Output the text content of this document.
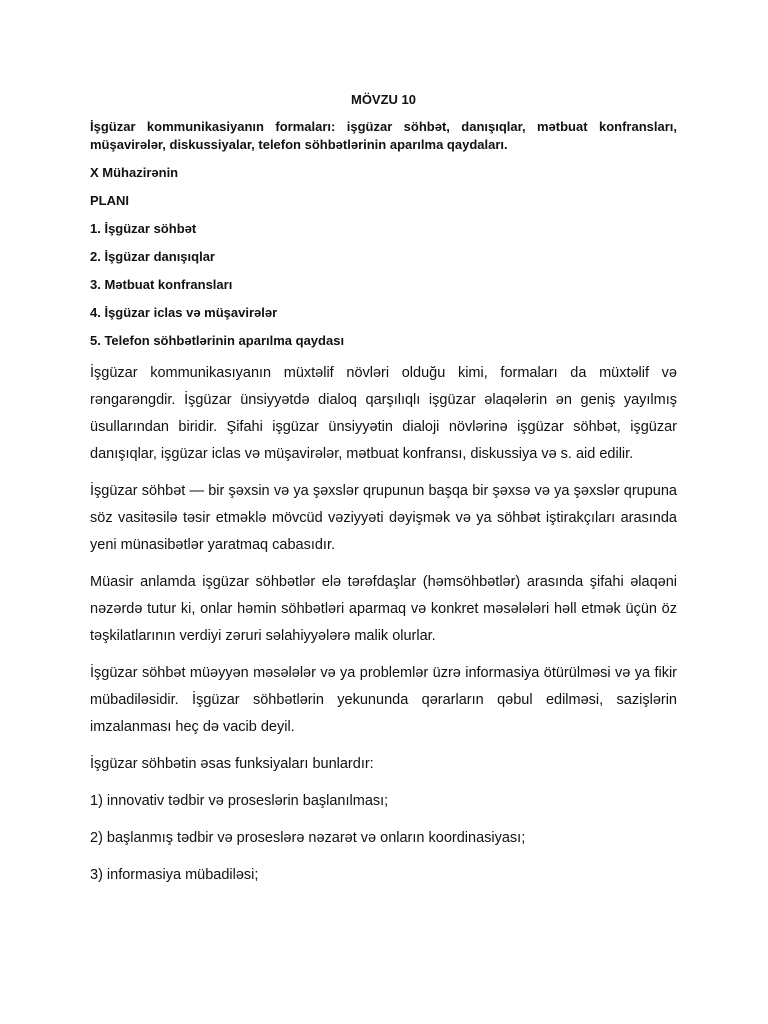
MÖVZU 10
İşgüzar kommunikasiyanın formaları: işgüzar söhbət, danışıqlar, mətbuat konfransları, müşavirələr, diskussiyalar, telefon söhbətlərinin aparılma qaydaları.
X Mühazirənin
PLANI
1. İşgüzar söhbət
2. İşgüzar danışıqlar
3. Mətbuat konfransları
4. İşgüzar iclas və müşavirələr
5. Telefon söhbətlərinin aparılma qaydası

İşgüzar kommunikasıyanın müxtəlif növləri olduğu kimi, formaları da müxtəlif və rəngarəngdir. İşgüzar ünsiyyətdə dialoq qarşılıqlı işgüzar əlaqələrin ən geniş yayılmış üsullarından biridir. Şifahi işgüzar ünsiyyətin dialoji növlərinə işgüzar söhbət, işgüzar danışıqlar, işgüzar iclas və müşavirələr, mətbuat konfransı, diskussiya və s. aid edilir.

İşgüzar söhbət — bir şəxsin və ya şəxslər qrupunun başqa bir şəxsə və ya şəxslər qrupuna söz vasitəsilə təsir etməklə mövcüd vəziyyəti dəyişmək və ya söhbət iştirakçıları arasında yeni münasibətlər yaratmaq cabasıdır.

Müasir anlamda işgüzar söhbətlər elə tərəfdaşlar (həmsöhbətlər) arasında şifahi əlaqəni nəzərdə tutur ki, onlar həmin söhbətləri aparmaq və konkret məsələləri həll etmək üçün öz təşkilatlarının verdiyi zəruri səlahiyyələrə malik olurlar.

İşgüzar söhbət müəyyən məsələlər və ya problemlər üzrə informasiya ötürülməsi və ya fikir mübadiləsidir. İşgüzar söhbətlərin yekununda qərarların qəbul edilməsi, sazişlərin imzalanması heç də vacib deyil.

İşgüzar söhbətin əsas funksiyaları bunlardır:

1) innovativ tədbir və proseslərin başlanılması;

2) başlanmış tədbir və proseslərə nəzarət və onların koordinasiyası;

3) informasiya mübadiləsi;
